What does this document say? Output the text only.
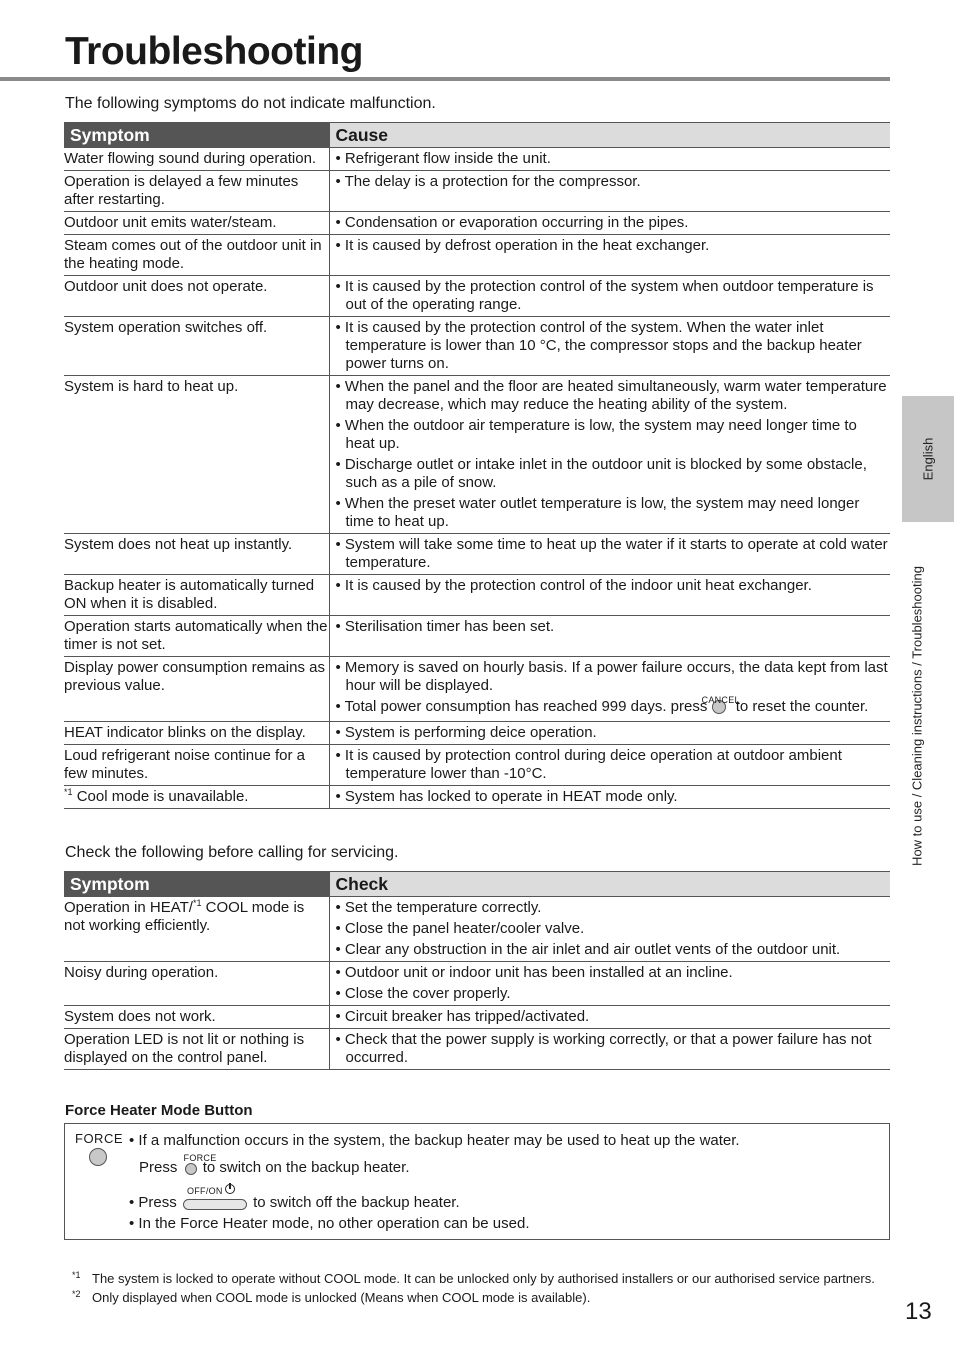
Troubleshooting
The following symptoms do not indicate malfunction.
Symptom	Cause
Water flowing sound during operation.	• Refrigerant flow inside the unit.

Operation is delayed a few minutes after restarting.	• The delay is a protection for the compressor.

Outdoor unit emits water/steam.	• Condensation or evaporation occurring in the pipes.

Steam comes out of the outdoor unit in the heating mode.	• It is caused by defrost operation in the heat exchanger.

Outdoor unit does not operate.	• It is caused by the protection control of the system when outdoor temperature is out of the operating range.

System operation switches off.	• It is caused by the protection control of the system. When the water inlet temperature is lower than 10 °C, the compressor stops and the backup heater power turns on.

System is hard to heat up.	• When the panel and the floor are heated simultaneously, warm water temperature may decrease, which may reduce the heating ability of the system.
• When the outdoor air temperature is low, the system may need longer time to heat up.
• Discharge outlet or intake inlet in the outdoor unit is blocked by some obstacle, such as a pile of snow.
• When the preset water outlet temperature is low, the system may need longer time to heat up.

System does not heat up instantly.	• System will take some time to heat up the water if it starts to operate at cold water temperature.

Backup heater is automatically turned ON when it is disabled.	• It is caused by the protection control of the indoor unit heat exchanger.

Operation starts automatically when the timer is not set.	• Sterilisation timer has been set.

Display power consumption remains as previous value.	• Memory is saved on hourly basis. If a power failure occurs, the data kept from last hour will be displayed.
• Total power consumption has reached 999 days. press
CANCEL
to reset the counter.

HEAT indicator blinks on the display.	• System is performing deice operation.

Loud refrigerant noise continue for a few minutes.	• It is caused by protection control during deice operation at outdoor ambient temperature lower than -10°C.

$^{*1}$ Cool mode is unavailable.	• System has locked to operate in HEAT mode only.
Check the following before calling for servicing.
Symptom	Check
Operation in HEAT/$^{*1}$ COOL mode is not working efficiently.	• Set the temperature correctly.
• Close the panel heater/cooler valve.
• Clear any obstruction in the air inlet and air outlet vents of the outdoor unit.

Noisy during operation.	• Outdoor unit or indoor unit has been installed at an incline.
• Close the cover properly.

System does not work.	• Circuit breaker has tripped/activated.

Operation LED is not lit or nothing is displayed on the control panel.	• Check that the power supply is working correctly, or that a power failure has not occurred.
Force Heater Mode Button
FORCE • If a malfunction occurs in the system, the backup heater may be used to heat up the water.
Press
FORCE
to switch on the backup heater.
• Press
OFF/ON
to switch off the backup heater.
• In the Force Heater mode, no other operation can be used.
*1 The system is locked to operate without COOL mode. It can be unlocked only by authorised installers or our authorised service partners.
*2 Only displayed when COOL mode is unlocked (Means when COOL mode is available).
English
How to use / Cleaning instructions / Troubleshooting
13
